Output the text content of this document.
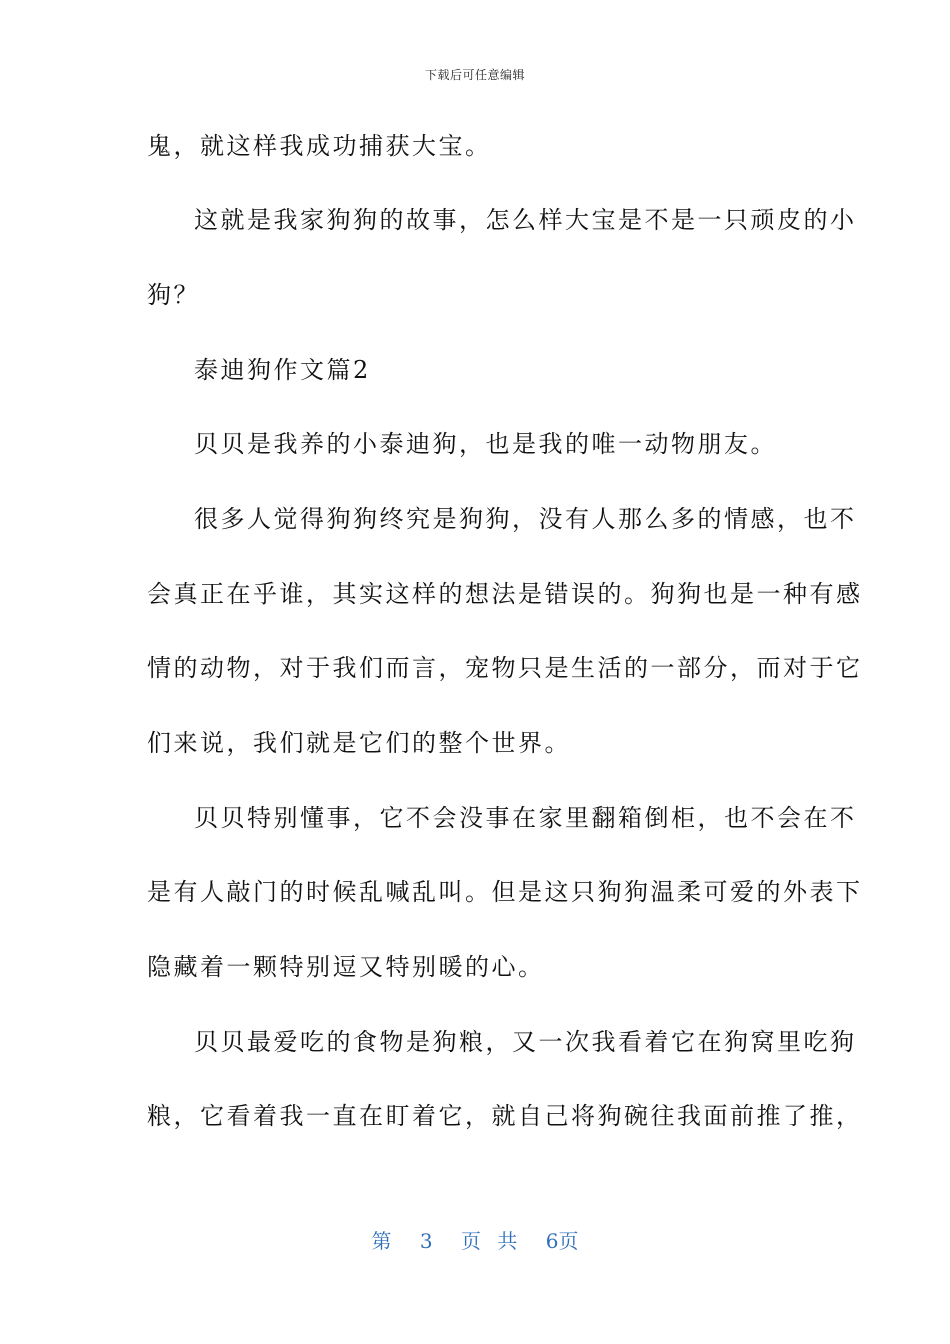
下载后可任意编辑
鬼，就这样我成功捕获大宝。
这就是我家狗狗的故事，怎么样大宝是不是一只顽皮的小
狗？
泰迪狗作文篇2
贝贝是我养的小泰迪狗，也是我的唯一动物朋友。
很多人觉得狗狗终究是狗狗，没有人那么多的情感，也不
会真正在乎谁，其实这样的想法是错误的。狗狗也是一种有感
情的动物，对于我们而言，宠物只是生活的一部分，而对于它
们来说，我们就是它们的整个世界。
贝贝特别懂事，它不会没事在家里翻箱倒柜，也不会在不
是有人敲门的时候乱喊乱叫。但是这只狗狗温柔可爱的外表下
隐藏着一颗特别逗又特别暖的心。
贝贝最爱吃的食物是狗粮，又一次我看着它在狗窝里吃狗
粮，它看着我一直在盯着它，就自己将狗碗往我面前推了推，
第 3 页 共 6页
